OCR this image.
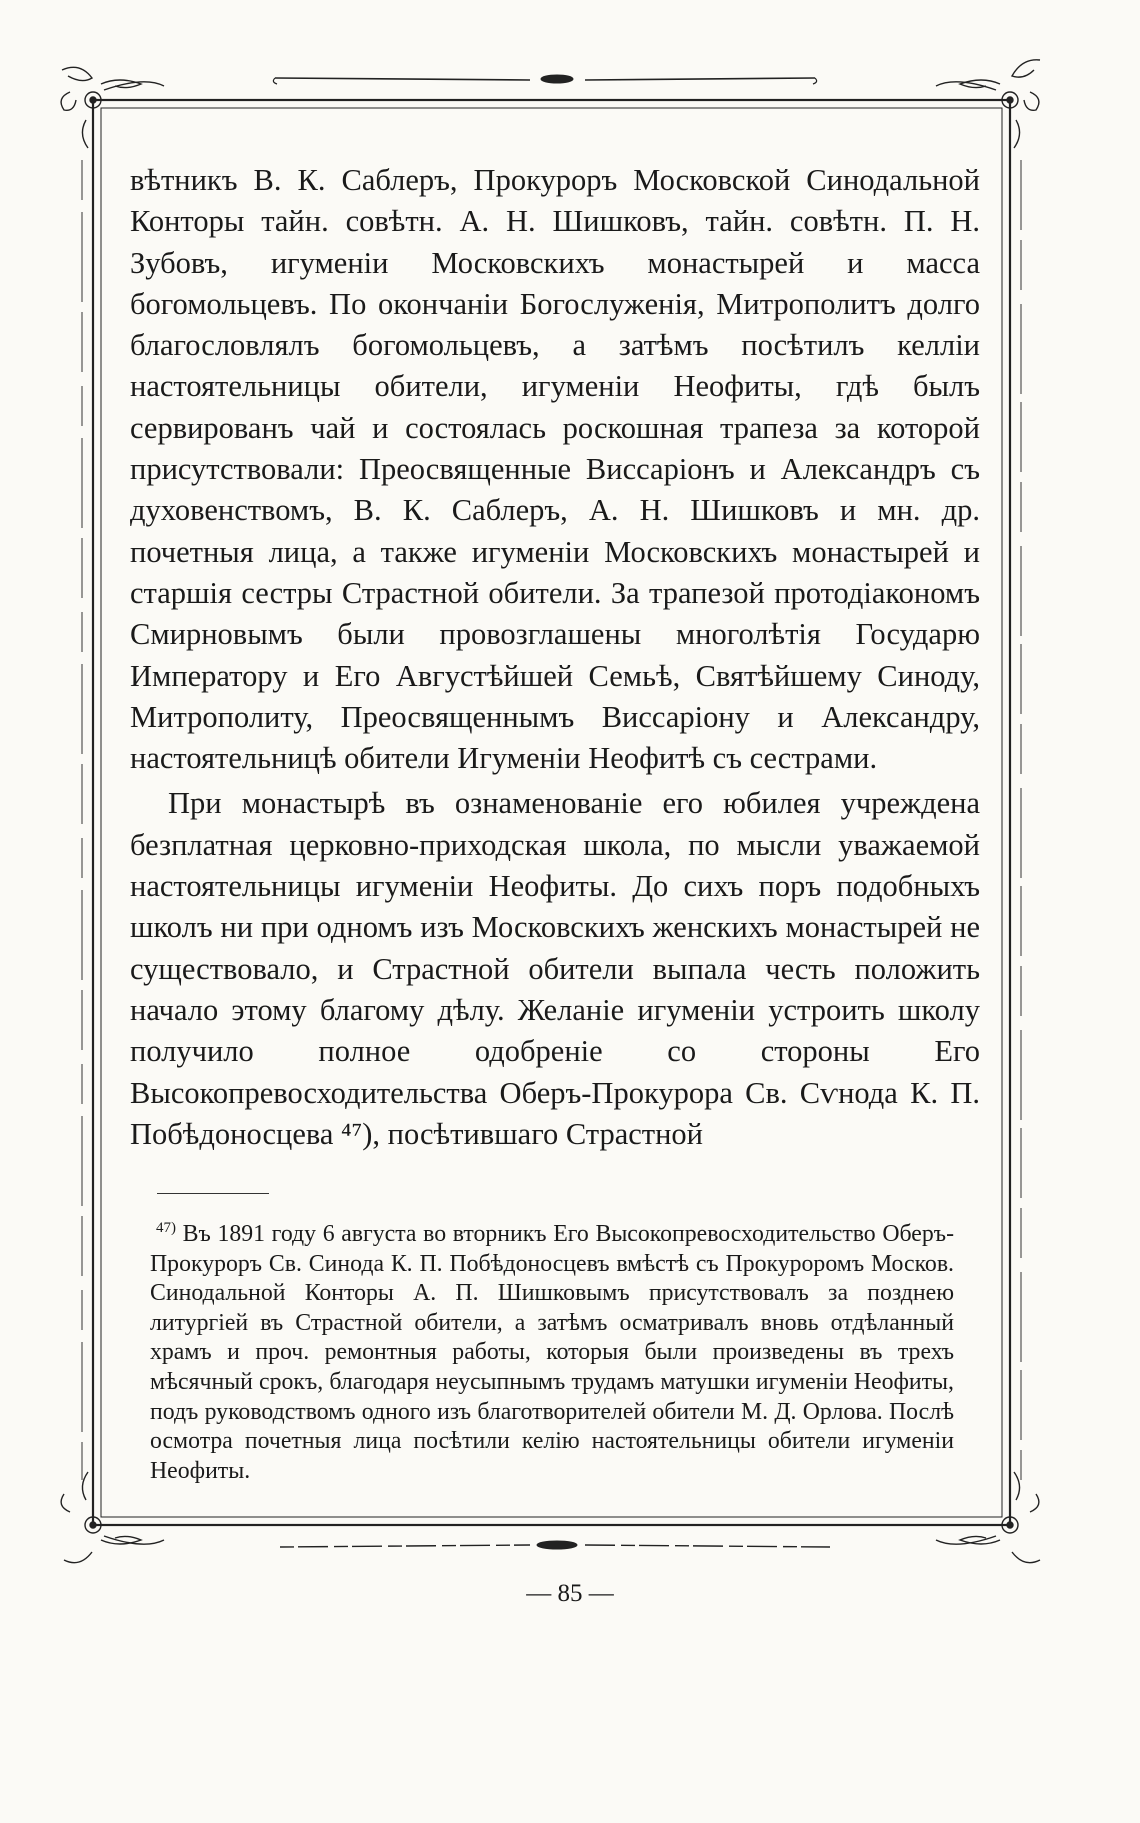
вѣтникъ В. К. Саблеръ, Прокуроръ Московской Синодальной Конторы тайн. совѣтн. А. Н. Шишковъ, тайн. совѣтн. П. Н. Зубовъ, игуменіи Московскихъ монастырей и масса богомольцевъ. По окончаніи Богослуженія, Митрополитъ долго благословлялъ богомольцевъ, а затѣмъ посѣтилъ келліи настоятельницы обители, игуменіи Неофиты, гдѣ былъ сервированъ чай и состоялась роскошная трапеза за которой присутствовали: Преосвященные Виссаріонъ и Александръ съ духовенствомъ, В. К. Саблеръ, А. Н. Шишковъ и мн. др. почетныя лица, а также игуменіи Московскихъ монастырей и старшія сестры Страстной обители. За трапезой протодіакономъ Смирновымъ были провозглашены многолѣтія Государю Императору и Его Августѣйшей Семьѣ, Святѣйшему Синоду, Митрополиту, Преосвященнымъ Виссаріону и Александру, настоятельницѣ обители Игуменіи Неофитѣ съ сестрами.

При монастырѣ въ ознаменованіе его юбилея учреждена безплатная церковно-приходская школа, по мысли уважаемой настоятельницы игуменіи Неофиты. До сихъ поръ подобныхъ школъ ни при одномъ изъ Московскихъ женскихъ монастырей не существовало, и Страстной обители выпала честь положить начало этому благому дѣлу. Желаніе игуменіи устроить школу получило полное одобреніе со стороны Его Высокопревосходительства Оберъ-Прокурора Св. Сѵнода К. П. Побѣдоносцева ⁴⁷), посѣтившаго Страстной

$^{47)}$ Въ 1891 году 6 августа во вторникъ Его Высокопревосходительство Оберъ-Прокуроръ Св. Синода К. П. Побѣдоносцевъ вмѣстѣ съ Прокуроромъ Москов. Синодальной Конторы А. П. Шишковымъ присутствовалъ за позднею литургіей въ Страстной обители, а затѣмъ осматривалъ вновь отдѣланный храмъ и проч. ремонтныя работы, которыя были произведены въ трехъ мѣсячный срокъ, благодаря неусыпнымъ трудамъ матушки игуменіи Неофиты, подъ руководствомъ одного изъ благотворителей обители М. Д. Орлова. Послѣ осмотра почетныя лица посѣтили келію настоятельницы обители игуменіи Неофиты.

— 85 —
